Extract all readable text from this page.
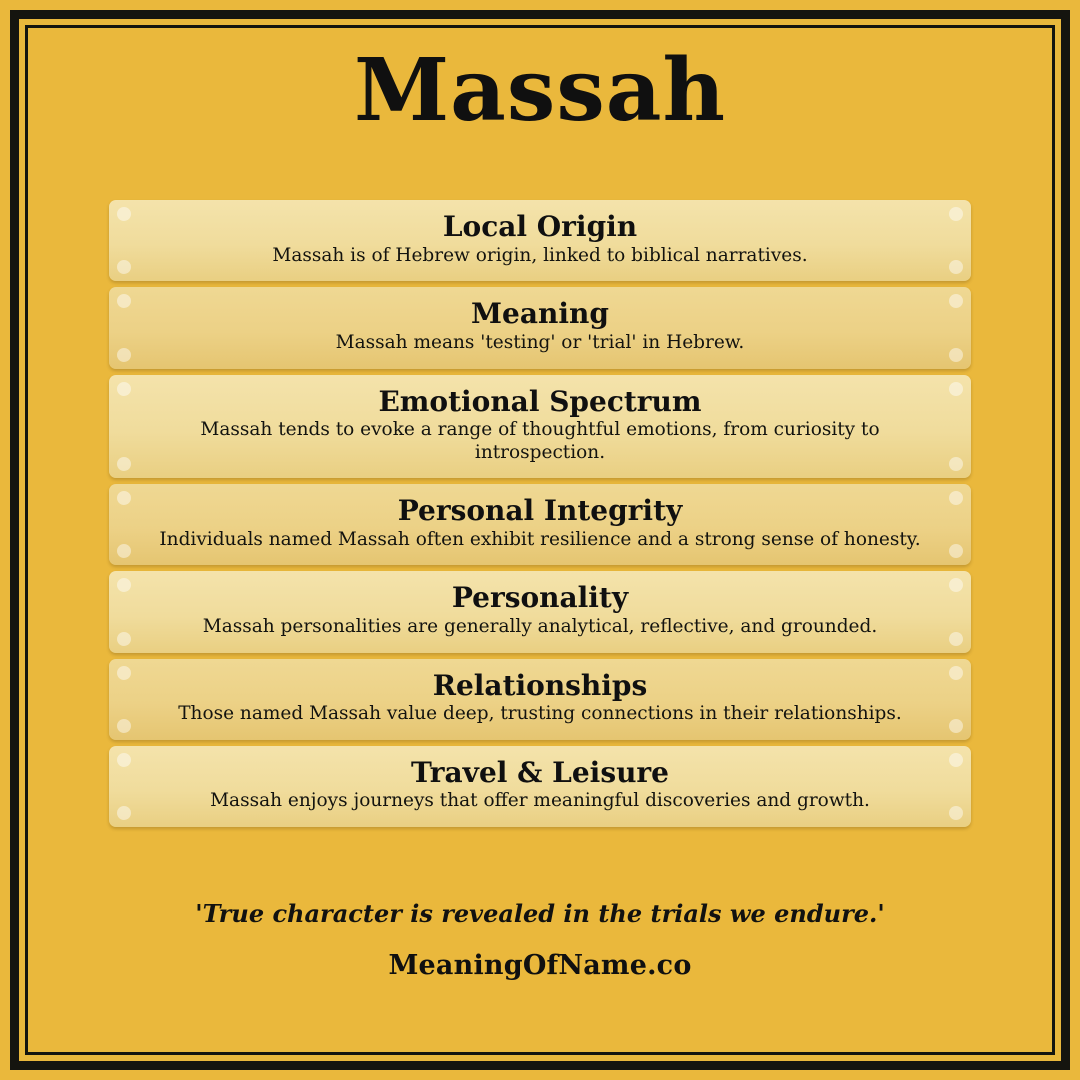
Massah
Local Origin
Massah is of Hebrew origin, linked to biblical narratives.
Meaning
Massah means 'testing' or 'trial' in Hebrew.
Emotional Spectrum
Massah tends to evoke a range of thoughtful emotions, from curiosity to introspection.
Personal Integrity
Individuals named Massah often exhibit resilience and a strong sense of honesty.
Personality
Massah personalities are generally analytical, reflective, and grounded.
Relationships
Those named Massah value deep, trusting connections in their relationships.
Travel & Leisure
Massah enjoys journeys that offer meaningful discoveries and growth.
'True character is revealed in the trials we endure.'
MeaningOfName.co
